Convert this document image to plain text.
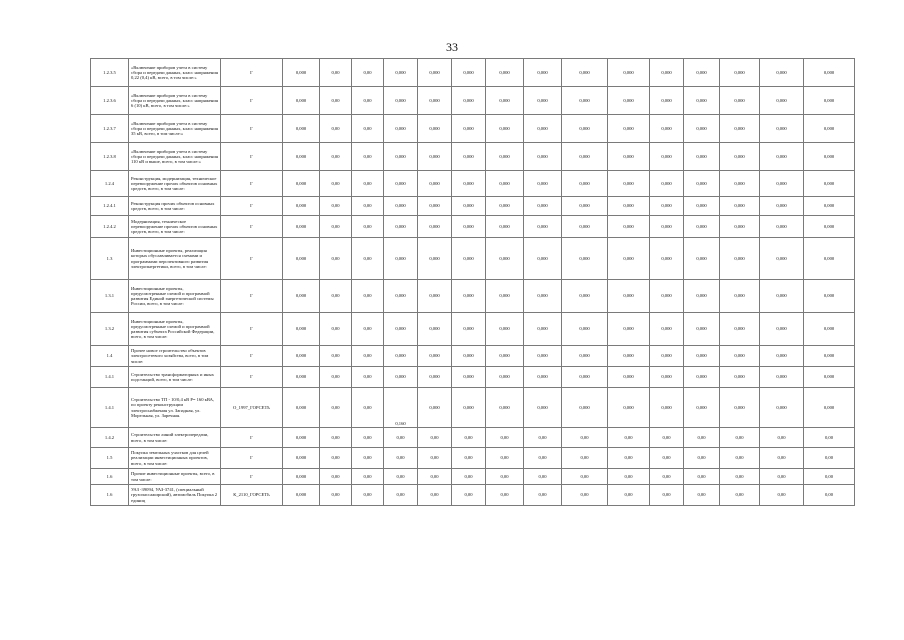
33
1.2.3.5	«Включение приборов учета в систему сбора и передачи данных, класс напряжения 0,22 (0,4) кВ, всего, в том числе:»	Г	0,000	0,00	0,00	0,000	0,000	0,000	0,000	0,000	0,000	0,000	0,000	0,000	0,000	0,000	0,000
1.2.3.6	«Включение приборов учета в систему сбора и передачи данных, класс напряжения 6 (10) кВ, всего, в том числе:»	Г	0,000	0,00	0,00	0,000	0,000	0,000	0,000	0,000	0,000	0,000	0,000	0,000	0,000	0,000	0,000
1.2.3.7	«Включение приборов учета в систему сбора и передачи данных, класс напряжения 35 кВ, всего, в том числе:»	Г	0,000	0,00	0,00	0,000	0,000	0,000	0,000	0,000	0,000	0,000	0,000	0,000	0,000	0,000	0,000
1.2.3.8	«Включение приборов учета в систему сбора и передачи данных, класс напряжения 110 кВ и выше, всего, в том числе:»	Г	0,000	0,00	0,00	0,000	0,000	0,000	0,000	0,000	0,000	0,000	0,000	0,000	0,000	0,000	0,000
1.2.4	Реконструкция, модернизация, техническое перевооружение прочих объектов основных средств, всего, в том числе:	Г	0,000	0,00	0,00	0,000	0,000	0,000	0,000	0,000	0,000	0,000	0,000	0,000	0,000	0,000	0,000
1.2.4.1	Реконструкция прочих объектов основных средств, всего, в том числе:	Г	0,000	0,00	0,00	0,000	0,000	0,000	0,000	0,000	0,000	0,000	0,000	0,000	0,000	0,000	0,000
1.2.4.2	Модернизация, техническое перевооружение прочих объектов основных средств, всего, в том числе:	Г	0,000	0,00	0,00	0,000	0,000	0,000	0,000	0,000	0,000	0,000	0,000	0,000	0,000	0,000	0,000
1.3	Инвестиционные проекты, реализация которых обуславливается схемами и программами перспективного развития электроэнергетики, всего, в том числе:	Г	0,000	0,00	0,00	0,000	0,000	0,000	0,000	0,000	0,000	0,000	0,000	0,000	0,000	0,000	0,000
1.3.1	Инвестиционные проекты, предусмотренные схемой и программой развития Единой энергетической системы России, всего, в том числе:	Г	0,000	0,00	0,00	0,000	0,000	0,000	0,000	0,000	0,000	0,000	0,000	0,000	0,000	0,000	0,000
1.3.2	Инвестиционные проекты, предусмотренные схемой и программой развития субъекта Российской Федерации, всего, в том числе:	Г	0,000	0,00	0,00	0,000	0,000	0,000	0,000	0,000	0,000	0,000	0,000	0,000	0,000	0,000	0,000
1.4	Прочее новое строительство объектов электросетевого хозяйства, всего, в том числе:	Г	0,000	0,00	0,00	0,000	0,000	0,000	0,000	0,000	0,000	0,000	0,000	0,000	0,000	0,000	0,000
1.4.1	Строительство трансформаторных и иных подстанций, всего, в том числе:	Г	0,000	0,00	0,00	0,000	0,000	0,000	0,000	0,000	0,000	0,000	0,000	0,000	0,000	0,000	0,000
1.4.1	Строительство ТП - 10/0,4 кВ Р= 160 кВА, по проекту реконструкции электроснабжения ул. Западная, ул. Морельная, ул. Заречная.	О_1997_ГОРСЕТЬ	0,000	0,00	0,00	0,160	0,000	0,000	0,000	0,000	0,000	0,000	0,000	0,000	0,000	0,000	0,000
1.4.2	Строительство линий электропередачи, всего, в том числе:	Г	0,000	0,00	0,00	0,00	0,00	0,00	0,00	0,00	0,00	0,00	0,00	0,00	0,00	0,00	0,00
1.5	Покупка земельных участков для целей реализации инвестиционных проектов, всего, в том числе:	Г	0,000	0,00	0,00	0,00	0,00	0,00	0,00	0,00	0,00	0,00	0,00	0,00	0,00	0,00	0,00
1.6	Прочие инвестиционные проекты, всего, в том числе:	Г	0,000	0,00	0,00	0,00	0,00	0,00	0,00	0,00	0,00	0,00	0,00	0,00	0,00	0,00	0,00
1.6	УАЗ -39094, УАЗ-3741, (специальный грузопассажирский), автомобиль Покупка 2 единиц	К_2110_ГОРСЕТЬ	0,000	0,00	0,00	0,00	0,00	0,00	0,00	0,00	0,00	0,00	0,00	0,00	0,00	0,00	0,00
